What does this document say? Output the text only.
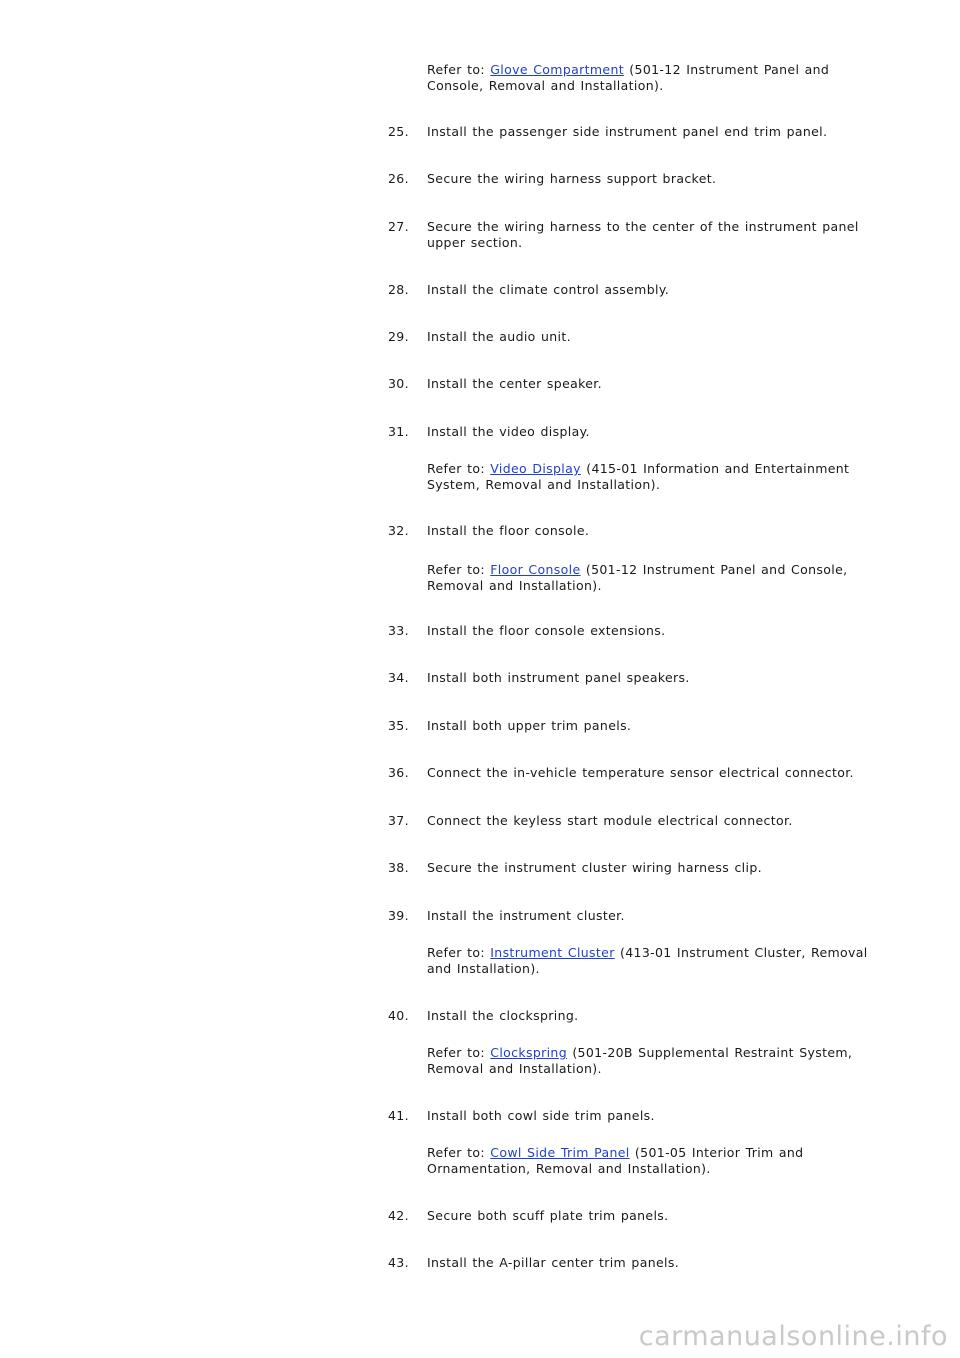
Refer to: Glove Compartment (501-12 Instrument Panel and
Console, Removal and Installation).
25.	Install the passenger side instrument panel end trim panel.
26.	Secure the wiring harness support bracket.
27.	Secure the wiring harness to the center of the instrument panel
upper section.
28.	Install the climate control assembly.
29.	Install the audio unit.
30.	Install the center speaker.
31.	Install the video display.
Refer to: Video Display (415-01 Information and Entertainment
System, Removal and Installation).
32.	Install the floor console.
Refer to: Floor Console (501-12 Instrument Panel and Console,
Removal and Installation).
33.	Install the floor console extensions.
34.	Install both instrument panel speakers.
35.	Install both upper trim panels.
36.	Connect the in-vehicle temperature sensor electrical connector.
37.	Connect the keyless start module electrical connector.
38.	Secure the instrument cluster wiring harness clip.
39.	Install the instrument cluster.
Refer to: Instrument Cluster (413-01 Instrument Cluster, Removal
and Installation).
40.	Install the clockspring.
Refer to: Clockspring (501-20B Supplemental Restraint System,
Removal and Installation).
41.	Install both cowl side trim panels.
Refer to: Cowl Side Trim Panel (501-05 Interior Trim and
Ornamentation, Removal and Installation).
42.	Secure both scuff plate trim panels.
43.	Install the A-pillar center trim panels.
carmanualsonline.info
